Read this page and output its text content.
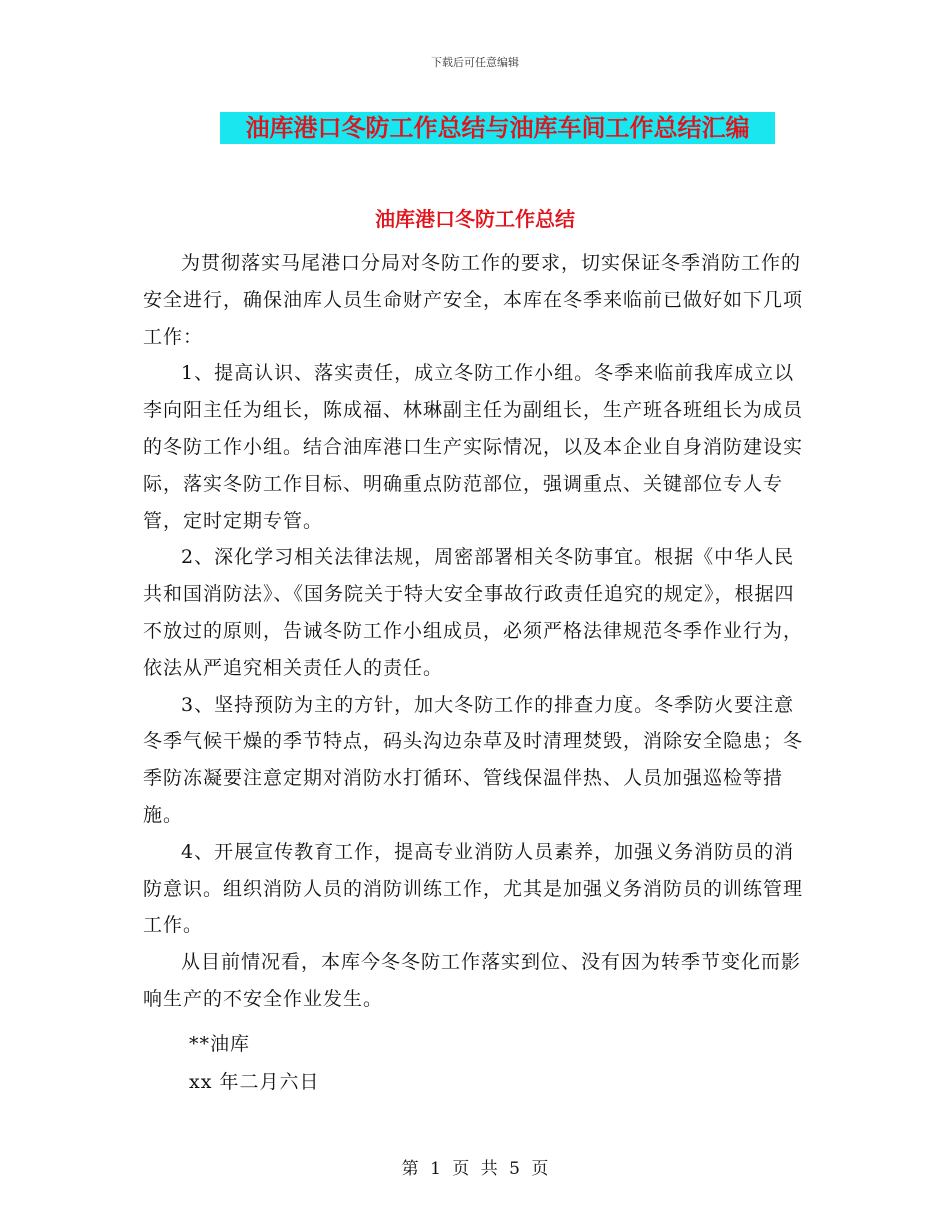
下载后可任意编辑
油库港口冬防工作总结与油库车间工作总结汇编
油库港口冬防工作总结

为贯彻落实马尾港口分局对冬防工作的要求，切实保证冬季消防工作的安全进行，确保油库人员生命财产安全，本库在冬季来临前已做好如下几项工作：

1、提高认识、落实责任，成立冬防工作小组。冬季来临前我库成立以李向阳主任为组长，陈成福、林琳副主任为副组长，生产班各班组长为成员的冬防工作小组。结合油库港口生产实际情况，以及本企业自身消防建设实际，落实冬防工作目标、明确重点防范部位，强调重点、关键部位专人专管，定时定期专管。

2、深化学习相关法律法规，周密部署相关冬防事宜。根据《中华人民共和国消防法》、《国务院关于特大安全事故行政责任追究的规定》，根据四不放过的原则，告诫冬防工作小组成员，必须严格法律规范冬季作业行为，依法从严追究相关责任人的责任。

3、坚持预防为主的方针，加大冬防工作的排查力度。冬季防火要注意冬季气候干燥的季节特点，码头沟边杂草及时清理焚毁，消除安全隐患；冬季防冻凝要注意定期对消防水打循环、管线保温伴热、人员加强巡检等措施。

4、开展宣传教育工作，提高专业消防人员素养，加强义务消防员的消防意识。组织消防人员的消防训练工作，尤其是加强义务消防员的训练管理工作。

从目前情况看，本库今冬冬防工作落实到位、没有因为转季节变化而影响生产的不安全作业发生。

**油库
xx 年二月六日
第 1 页 共 5 页
